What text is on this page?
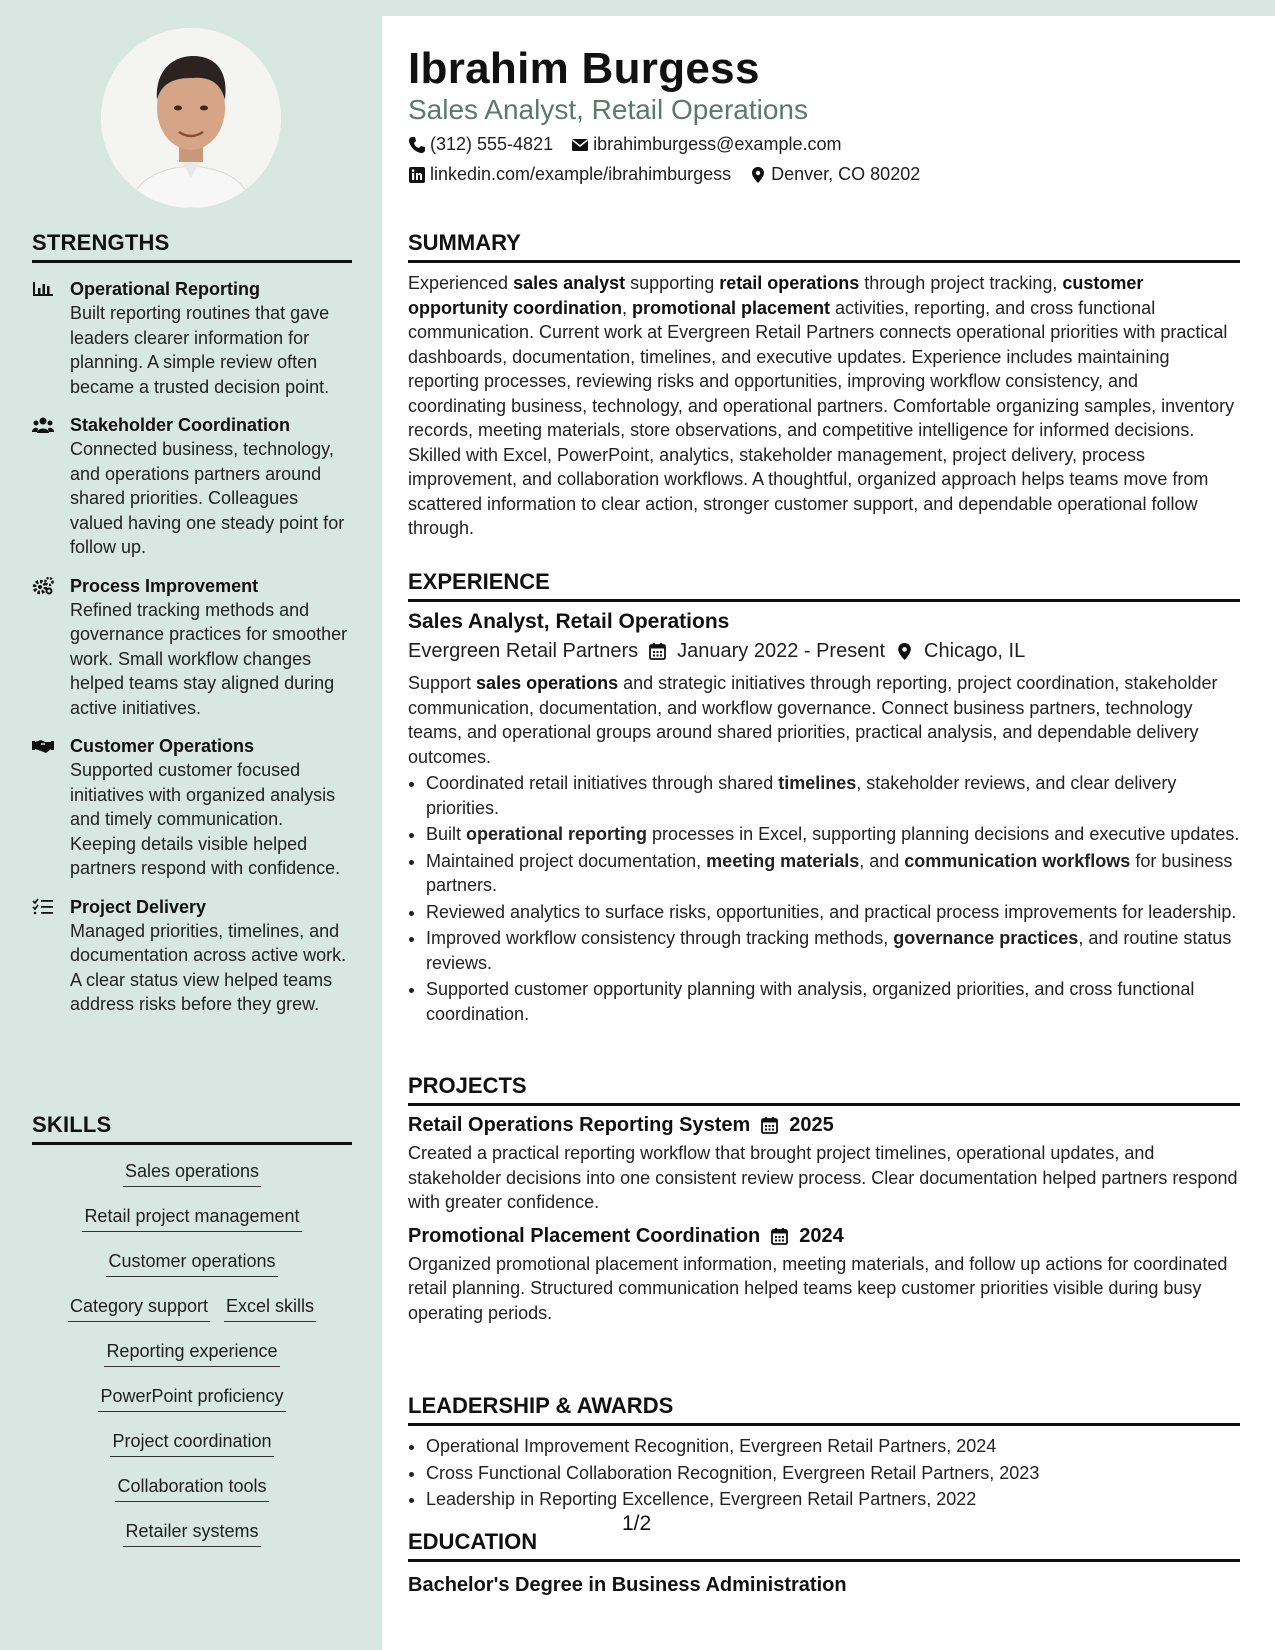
STRENGTHS
Operational Reporting
Built reporting routines that gave leaders clearer information for planning. A simple review often became a trusted decision point.
Stakeholder Coordination
Connected business, technology, and operations partners around shared priorities. Colleagues valued having one steady point for follow up.
Process Improvement
Refined tracking methods and governance practices for smoother work. Small workflow changes helped teams stay aligned during active initiatives.
Customer Operations
Supported customer focused initiatives with organized analysis and timely communication. Keeping details visible helped partners respond with confidence.
Project Delivery
Managed priorities, timelines, and documentation across active work. A clear status view helped teams address risks before they grew.
SKILLS
Sales operations
Retail project management
Customer operations
Category support Excel skills
Reporting experience
PowerPoint proficiency
Project coordination
Collaboration tools
Retailer systems
Ibrahim Burgess
Sales Analyst, Retail Operations
(312) 555-4821 ibrahimburgess@example.com
linkedin.com/example/ibrahimburgess Denver, CO 80202
SUMMARY
Experienced sales analyst supporting retail operations through project tracking, customer opportunity coordination, promotional placement activities, reporting, and cross functional communication. Current work at Evergreen Retail Partners connects operational priorities with practical dashboards, documentation, timelines, and executive updates. Experience includes maintaining reporting processes, reviewing risks and opportunities, improving workflow consistency, and coordinating business, technology, and operational partners. Comfortable organizing samples, inventory records, meeting materials, store observations, and competitive intelligence for informed decisions. Skilled with Excel, PowerPoint, analytics, stakeholder management, project delivery, process improvement, and collaboration workflows. A thoughtful, organized approach helps teams move from scattered information to clear action, stronger customer support, and dependable operational follow through.
EXPERIENCE
Sales Analyst, Retail Operations
Evergreen Retail Partners January 2022 - Present Chicago, IL
Support sales operations and strategic initiatives through reporting, project coordination, stakeholder communication, documentation, and workflow governance. Connect business partners, technology teams, and operational groups around shared priorities, practical analysis, and dependable delivery outcomes.
• Coordinated retail initiatives through shared timelines, stakeholder reviews, and clear delivery priorities.
• Built operational reporting processes in Excel, supporting planning decisions and executive updates.
• Maintained project documentation, meeting materials, and communication workflows for business partners.
• Reviewed analytics to surface risks, opportunities, and practical process improvements for leadership.
• Improved workflow consistency through tracking methods, governance practices, and routine status reviews.
• Supported customer opportunity planning with analysis, organized priorities, and cross functional coordination.
PROJECTS
Retail Operations Reporting System 2025
Created a practical reporting workflow that brought project timelines, operational updates, and stakeholder decisions into one consistent review process. Clear documentation helped partners respond with greater confidence.
Promotional Placement Coordination 2024
Organized promotional placement information, meeting materials, and follow up actions for coordinated retail planning. Structured communication helped teams keep customer priorities visible during busy operating periods.
LEADERSHIP & AWARDS
• Operational Improvement Recognition, Evergreen Retail Partners, 2024
• Cross Functional Collaboration Recognition, Evergreen Retail Partners, 2023
• Leadership in Reporting Excellence, Evergreen Retail Partners, 2022
EDUCATION
Bachelor's Degree in Business Administration
1/2
